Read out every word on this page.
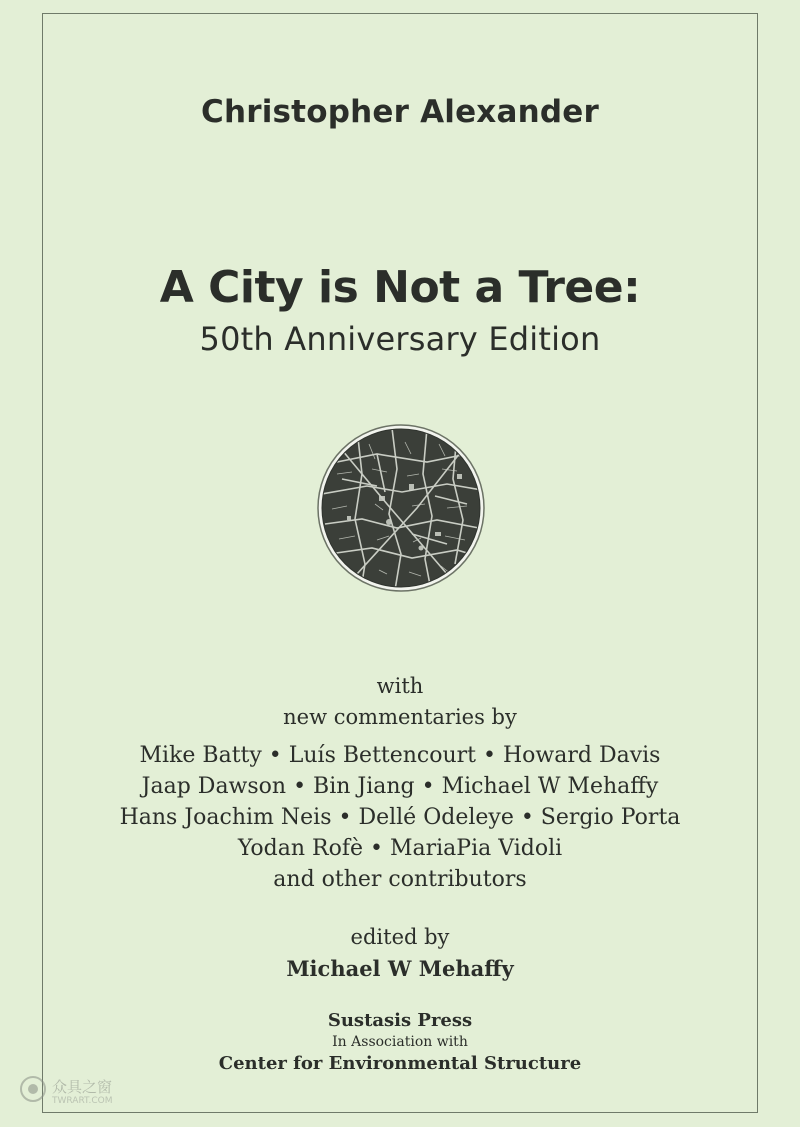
Christopher Alexander
A City is Not a Tree:
50th Anniversary Edition
with
new commentaries by
Mike Batty • Luís Bettencourt • Howard Davis
Jaap Dawson • Bin Jiang • Michael W Mehaffy
Hans Joachim Neis • Dellé Odeleye • Sergio Porta
Yodan Rofè • MariaPia Vidoli
and other contributors
edited by
Michael W Mehaffy
Sustasis Press
In Association with
Center for Environmental Structure
众具之窗
TWRART.COM
